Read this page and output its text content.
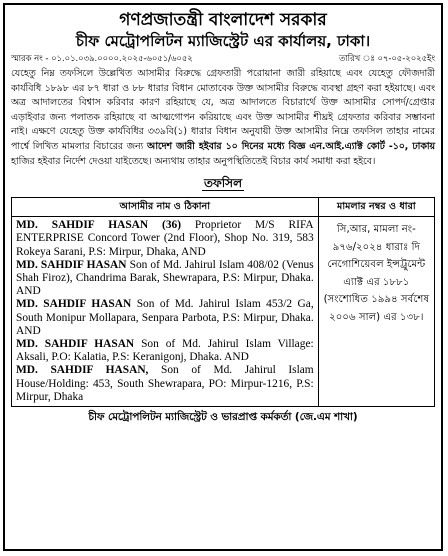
গণপ্রজাতন্ত্রী বাংলাদেশ সরকার
চীফ মেট্রোপলিটন ম্যাজিস্ট্রেট এর কার্যালয়, ঢাকা।
স্মারক নং - ০১.০১.০৩৯.০০০০.২০২৫-৬০৫১/৬০৫২	তারিখ ঃ ০৭-০৫-২০২৫ইং
যেহেতু নিম্ন তফসিলে উল্লেখিত আসামীর বিরুদ্ধে গ্রেফতারী পরোয়ানা জারী রহিয়াছে এবং যেহেতু ফৌজদারী কার্যবিধি ১৮৯৮ এর ৮৭ ধারা ও ৮৮ ধারার বিধান মোতাবেক উক্ত আসামীর বিরুদ্ধে ব্যবস্থা গ্রহণ করা হইয়াছে। এবং অত্র আদালতের বিশ্বাস করিবার কারণ রহিয়াছে যে, অত্র আদালতে বিচারার্থে উক্ত আসামীর সোপর্দ/গ্রেপ্তার এড়াইবার জন্য পলাতক রহিয়াছে বা আত্মগোপন করিয়াছে এবং উক্ত আসামীর শীঘ্রই গ্রেফতার করিবার সম্ভাবনা নাই। এক্ষণে যেহেতু উক্ত কার্যবিধির ৩৩৯বি(১) ধারার বিধান অনুযায়ী উক্ত আসামীর নিম্নে তফসিল তাহার নামের পার্শ্বে লিখিত মামলার বিচারের জন্য আদেশ জারী হইবার ১০ দিনের মধ্যে বিজ্ঞ এন.আই.এ্যাক্ট কোর্ট -১০, ঢাকায় হাজির হইবার নির্দেশ দেওয়া যাইতেছে। অন্যথায় তাহার অনুপস্থিতিতেই বিচার কার্য সমাধা করা হইবে।
তফসিল
আসামীর নাম ও ঠিকানা	মামলার নম্বর ও ধারা

MD. SAHDIF HASAN (36) Proprietor M/S RIFA ENTERPRISE Concord Tower (2nd Floor), Shop No. 319, 583 Rokeya Sarani, P.S: Mirpur, Dhaka, AND
MD. SAHDIF HASAN Son of Md. Jahirul Islam 408/02 (Venus Shah Firoz), Chandrima Barak, Shewrapara, P.S: Mirpur, Dhaka. AND
MD. SAHDIF HASAN Son of Md. Jahirul Islam 453/2 Ga, South Monipur Mollapara, Senpara Parbota, P.S: Mirpur, Dhaka. AND
MD. SAHDIF HASAN Son of Md. Jahirul Islam Village: Aksali, P.O: Kalatia, P.S: Keranigonj, Dhaka. AND
MD. SAHDIF HASAN, Son of Md. Jahirul Islam House/Holding: 453, South Shewrapara, PO: Mirpur-1216, P.S: Mirpur, Dhaka	সি,আর, মামলা নং- ৯৭৬/২০২৪ ধারাঃ দি নেগোশিয়েবল ইন্সট্রুমেন্ট এ্যাক্ট এর ১৮৮১ (সংশোধিত ১৯৯৪ সর্বশেষ ২০০৬ সাল) এর ১৩৮।
চীফ মেট্রোপলিটন ম্যাজিস্ট্রেট ও ভারপ্রাপ্ত কর্মকর্তা (জে.এম শাখা)
